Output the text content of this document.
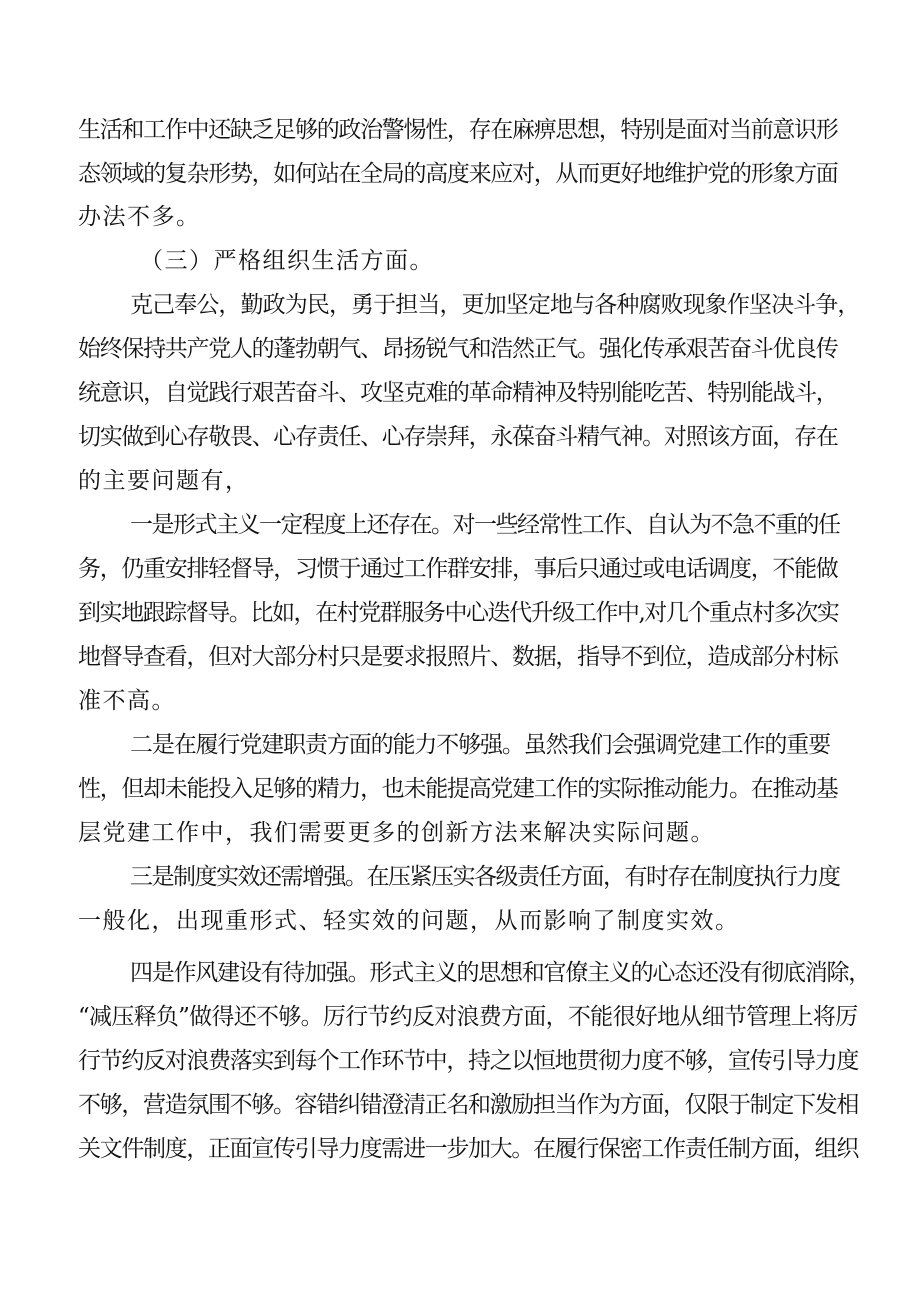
生活和工作中还缺乏足够的政治警惕性，存在麻痹思想，特别是面对当前意识形
态领域的复杂形势，如何站在全局的高度来应对，从而更好地维护党的形象方面
办法不多。
（三）严格组织生活方面。
克己奉公，勤政为民，勇于担当，更加坚定地与各种腐败现象作坚决斗争，
始终保持共产党人的蓬勃朝气、昂扬锐气和浩然正气。强化传承艰苦奋斗优良传
统意识，自觉践行艰苦奋斗、攻坚克难的革命精神及特别能吃苦、特别能战斗，
切实做到心存敬畏、心存责任、心存崇拜，永葆奋斗精气神。对照该方面，存在
的主要问题有，
一是形式主义一定程度上还存在。对一些经常性工作、自认为不急不重的任
务，仍重安排轻督导，习惯于通过工作群安排，事后只通过或电话调度，不能做
到实地跟踪督导。比如，在村党群服务中心迭代升级工作中,对几个重点村多次实
地督导查看，但对大部分村只是要求报照片、数据，指导不到位，造成部分村标
准不高。
二是在履行党建职责方面的能力不够强。虽然我们会强调党建工作的重要
性，但却未能投入足够的精力，也未能提高党建工作的实际推动能力。在推动基
层党建工作中，我们需要更多的创新方法来解决实际问题。
三是制度实效还需增强。在压紧压实各级责任方面，有时存在制度执行力度
一般化，出现重形式、轻实效的问题，从而影响了制度实效。
四是作风建设有待加强。形式主义的思想和官僚主义的心态还没有彻底消除，
“减压释负”做得还不够。厉行节约反对浪费方面，不能很好地从细节管理上将厉
行节约反对浪费落实到每个工作环节中，持之以恒地贯彻力度不够，宣传引导力度
不够，营造氛围不够。容错纠错澄清正名和激励担当作为方面，仅限于制定下发相
关文件制度，正面宣传引导力度需进一步加大。在履行保密工作责任制方面，组织
